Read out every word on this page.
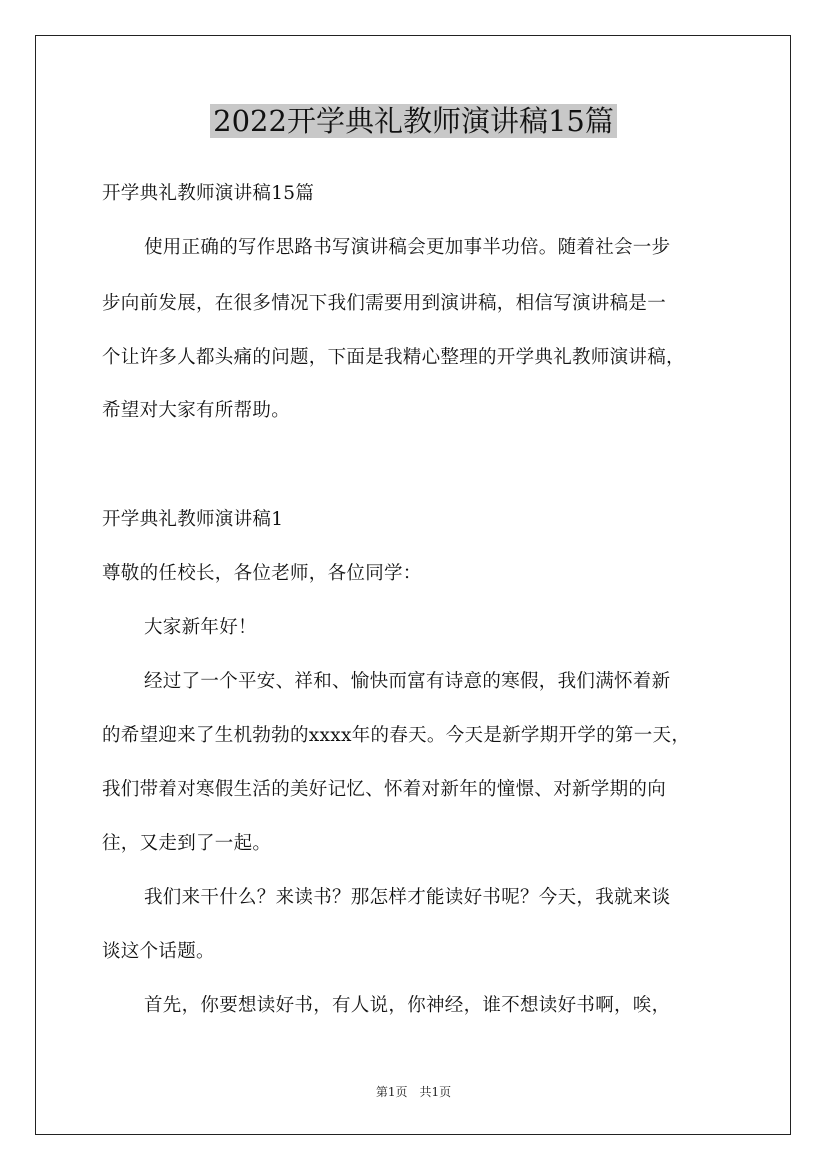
2022开学典礼教师演讲稿15篇
开学典礼教师演讲稿15篇
使用正确的写作思路书写演讲稿会更加事半功倍。随着社会一步
步向前发展，在很多情况下我们需要用到演讲稿，相信写演讲稿是一
个让许多人都头痛的问题，下面是我精心整理的开学典礼教师演讲稿，
希望对大家有所帮助。
开学典礼教师演讲稿1
尊敬的任校长，各位老师，各位同学：
大家新年好！
经过了一个平安、祥和、愉快而富有诗意的寒假，我们满怀着新
的希望迎来了生机勃勃的xxxx年的春天。今天是新学期开学的第一天，
我们带着对寒假生活的美好记忆、怀着对新年的憧憬、对新学期的向
往，又走到了一起。
我们来干什么？来读书？那怎样才能读好书呢？今天，我就来谈
谈这个话题。
首先，你要想读好书，有人说，你神经，谁不想读好书啊，唉，
第1页　共1页
